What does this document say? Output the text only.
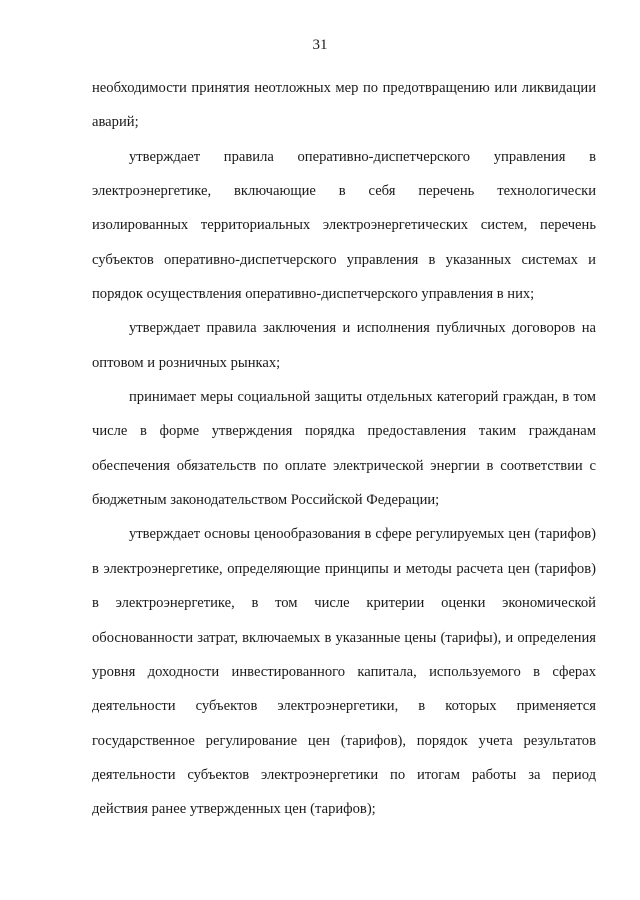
31

необходимости принятия неотложных мер по предотвращению или ликвидации аварий;

утверждает правила оперативно-диспетчерского управления в электроэнергетике, включающие в себя перечень технологически изолированных территориальных электроэнергетических систем, перечень субъектов оперативно-диспетчерского управления в указанных системах и порядок осуществления оперативно-диспетчерского управления в них;

утверждает правила заключения и исполнения публичных договоров на оптовом и розничных рынках;

принимает меры социальной защиты отдельных категорий граждан, в том числе в форме утверждения порядка предоставления таким гражданам обеспечения обязательств по оплате электрической энергии в соответствии с бюджетным законодательством Российской Федерации;

утверждает основы ценообразования в сфере регулируемых цен (тарифов) в электроэнергетике, определяющие принципы и методы расчета цен (тарифов) в электроэнергетике, в том числе критерии оценки экономической обоснованности затрат, включаемых в указанные цены (тарифы), и определения уровня доходности инвестированного капитала, используемого в сферах деятельности субъектов электроэнергетики, в которых применяется государственное регулирование цен (тарифов), порядок учета результатов деятельности субъектов электроэнергетики по итогам работы за период действия ранее утвержденных цен (тарифов);
